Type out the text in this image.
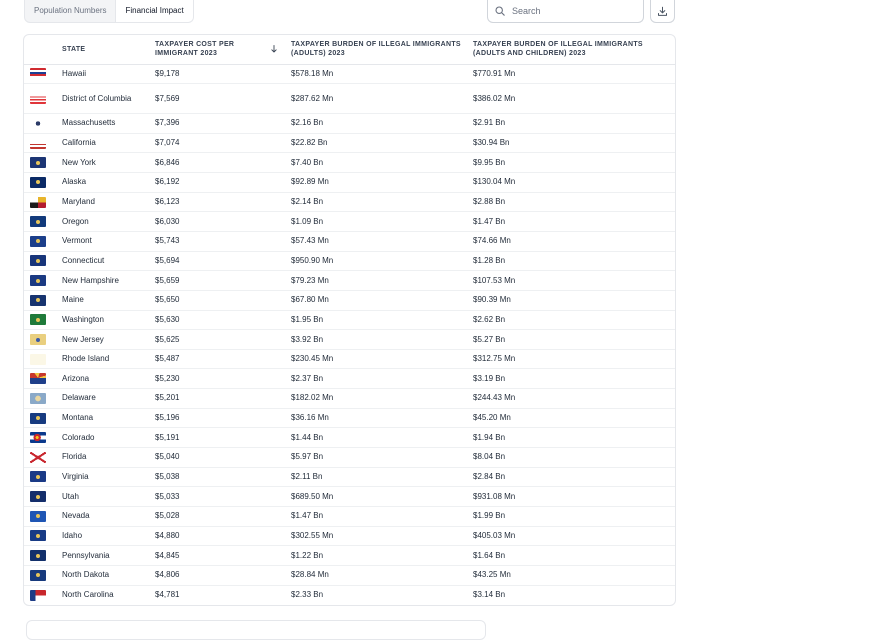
Population Numbers	Financial Impact
Search
	STATE	TAXPAYER COST PER IMMIGRANT 2023	TAXPAYER BURDEN OF ILLEGAL IMMIGRANTS (ADULTS) 2023	TAXPAYER BURDEN OF ILLEGAL IMMIGRANTS (ADULTS AND CHILDREN) 2023

	Hawaii	$9,178	$578.18 Mn	$770.91 Mn

	District of Columbia	$7,569	$287.62 Mn	$386.02 Mn

	Massachusetts	$7,396	$2.16 Bn	$2.91 Bn

	California	$7,074	$22.82 Bn	$30.94 Bn

	New York	$6,846	$7.40 Bn	$9.95 Bn

	Alaska	$6,192	$92.89 Mn	$130.04 Mn

	Maryland	$6,123	$2.14 Bn	$2.88 Bn

	Oregon	$6,030	$1.09 Bn	$1.47 Bn

	Vermont	$5,743	$57.43 Mn	$74.66 Mn

	Connecticut	$5,694	$950.90 Mn	$1.28 Bn

	New Hampshire	$5,659	$79.23 Mn	$107.53 Mn

	Maine	$5,650	$67.80 Mn	$90.39 Mn

	Washington	$5,630	$1.95 Bn	$2.62 Bn

	New Jersey	$5,625	$3.92 Bn	$5.27 Bn

	Rhode Island	$5,487	$230.45 Mn	$312.75 Mn

	Arizona	$5,230	$2.37 Bn	$3.19 Bn

	Delaware	$5,201	$182.02 Mn	$244.43 Mn

	Montana	$5,196	$36.16 Mn	$45.20 Mn

	Colorado	$5,191	$1.44 Bn	$1.94 Bn

	Florida	$5,040	$5.97 Bn	$8.04 Bn

	Virginia	$5,038	$2.11 Bn	$2.84 Bn

	Utah	$5,033	$689.50 Mn	$931.08 Mn

	Nevada	$5,028	$1.47 Bn	$1.99 Bn

	Idaho	$4,880	$302.55 Mn	$405.03 Mn

	Pennsylvania	$4,845	$1.22 Bn	$1.64 Bn

	North Dakota	$4,806	$28.84 Mn	$43.25 Mn

	North Carolina	$4,781	$2.33 Bn	$3.14 Bn
